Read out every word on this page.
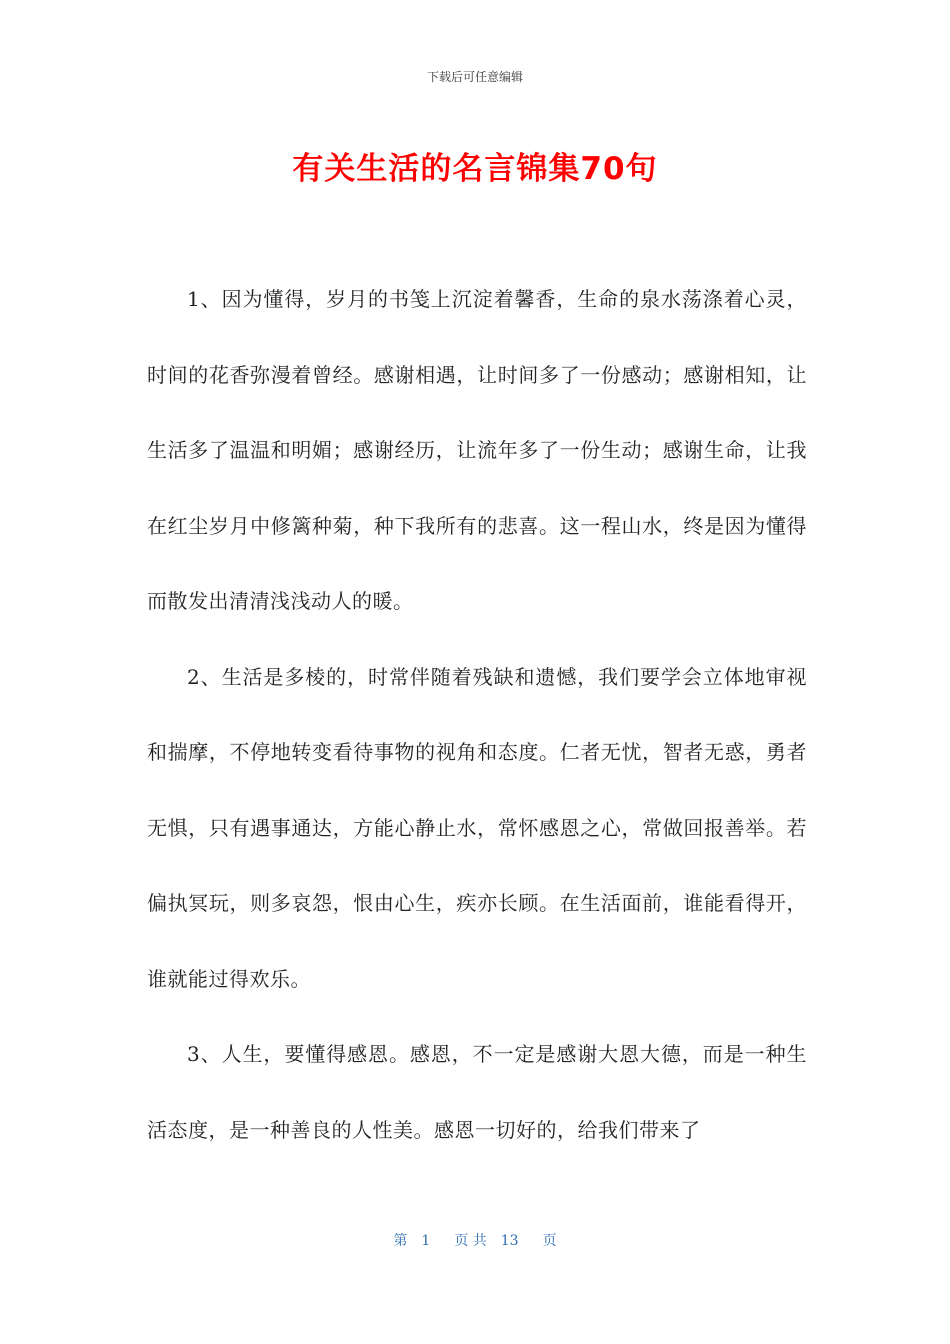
下载后可任意编辑
有关生活的名言锦集70句

1、因为懂得，岁月的书笺上沉淀着馨香，生命的泉水荡涤着心灵，时间的花香弥漫着曾经。感谢相遇，让时间多了一份感动；感谢相知，让生活多了温温和明媚；感谢经历，让流年多了一份生动；感谢生命，让我在红尘岁月中修篱种菊，种下我所有的悲喜。这一程山水，终是因为懂得而散发出清清浅浅动人的暖。

2、生活是多棱的，时常伴随着残缺和遗憾，我们要学会立体地审视和揣摩，不停地转变看待事物的视角和态度。仁者无忧，智者无惑，勇者无惧，只有遇事通达，方能心静止水，常怀感恩之心，常做回报善举。若偏执冥玩，则多哀怨，恨由心生，疾亦长顾。在生活面前，谁能看得开，谁就能过得欢乐。

3、人生，要懂得感恩。感恩，不一定是感谢大恩大德，而是一种生活态度，是一种善良的人性美。感恩一切好的，给我们带来了

第 1 页 共 13 页
